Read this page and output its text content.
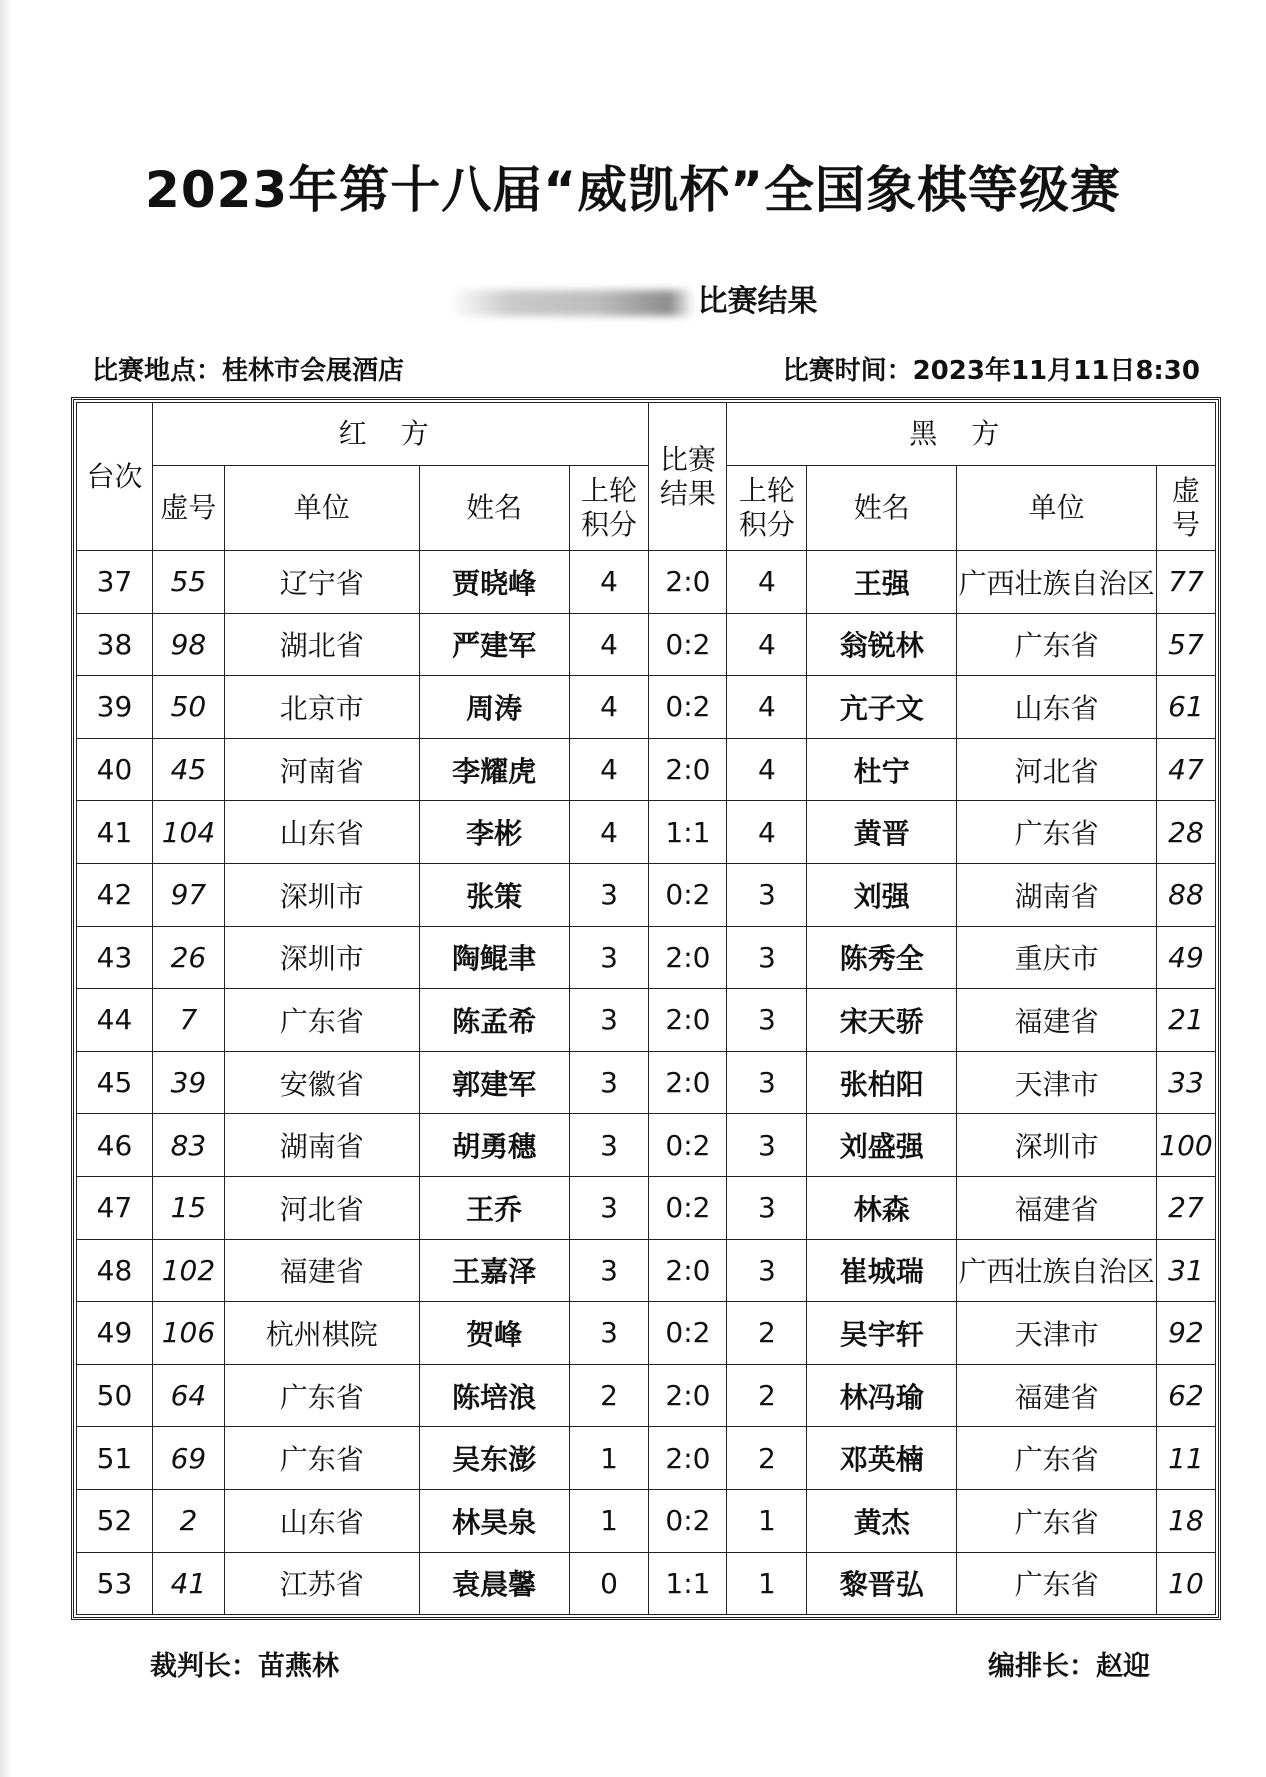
2023年第十八届“威凯杯”全国象棋等级赛
比赛结果
比赛地点：桂林市会展酒店	比赛时间：2023年11月11日8:30
台次	红方				比赛结果	黑方			
	虚号	单位	姓名	上轮积分		上轮积分	姓名	单位	虚号
37	55	辽宁省	贾晓峰	4	2:0	4	王强	广西壮族自治区	77
38	98	湖北省	严建军	4	0:2	4	翁锐林	广东省	57
39	50	北京市	周涛	4	0:2	4	亢子文	山东省	61
40	45	河南省	李耀虎	4	2:0	4	杜宁	河北省	47
41	104	山东省	李彬	4	1:1	4	黄晋	广东省	28
42	97	深圳市	张策	3	0:2	3	刘强	湖南省	88
43	26	深圳市	陶鲲聿	3	2:0	3	陈秀全	重庆市	49
44	7	广东省	陈孟希	3	2:0	3	宋天骄	福建省	21
45	39	安徽省	郭建军	3	2:0	3	张柏阳	天津市	33
46	83	湖南省	胡勇穗	3	0:2	3	刘盛强	深圳市	100
47	15	河北省	王乔	3	0:2	3	林森	福建省	27
48	102	福建省	王嘉泽	3	2:0	3	崔城瑞	广西壮族自治区	31
49	106	杭州棋院	贺峰	3	0:2	2	吴宇轩	天津市	92
50	64	广东省	陈培浪	2	2:0	2	林冯瑜	福建省	62
51	69	广东省	吴东澎	1	2:0	2	邓英楠	广东省	11
52	2	山东省	林昊泉	1	0:2	1	黄杰	广东省	18
53	41	江苏省	袁晨馨	0	1:1	1	黎晋弘	广东省	10
裁判长：苗燕林	编排长：赵迎
